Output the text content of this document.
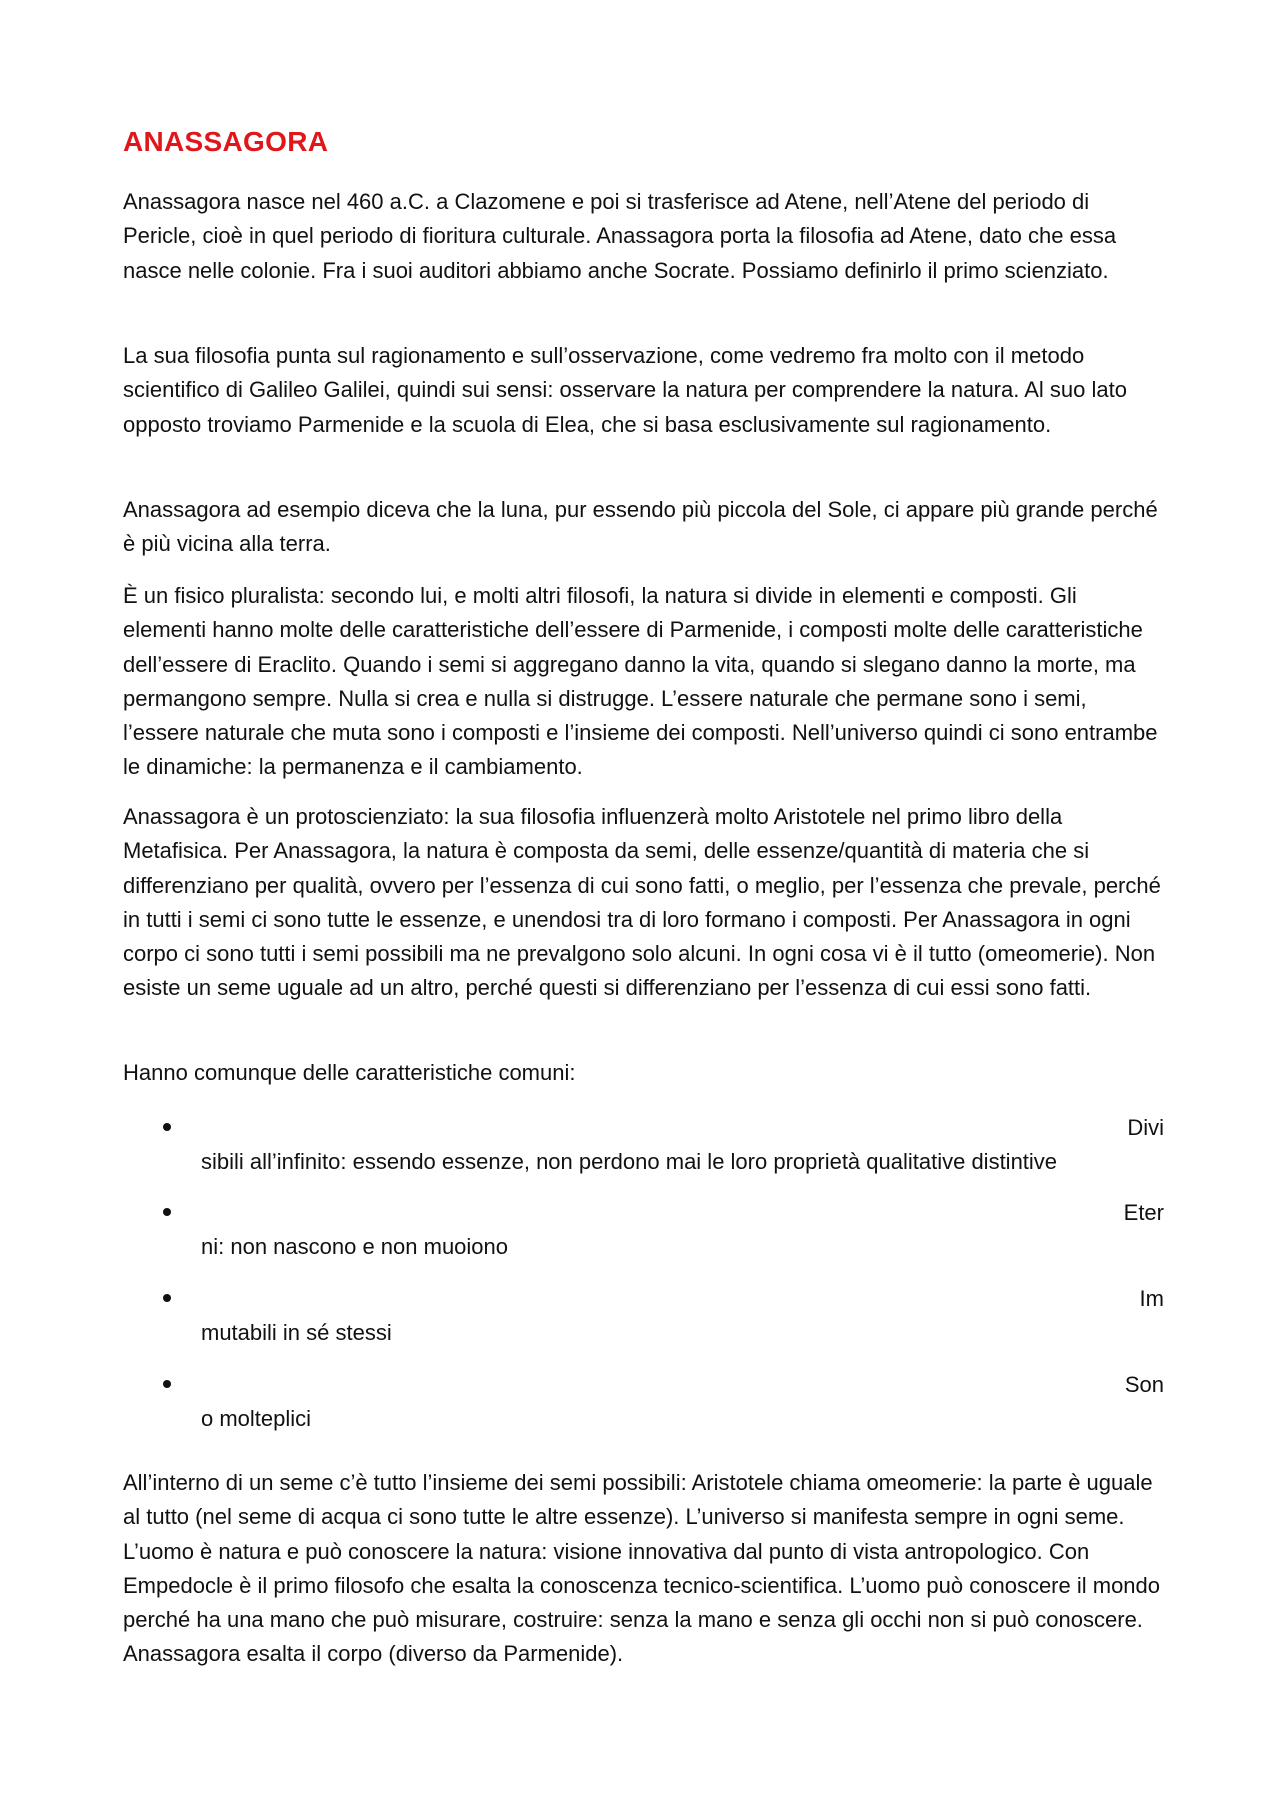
ANASSAGORA

Anassagora nasce nel 460 a.C. a Clazomene e poi si trasferisce ad Atene, nell’Atene del periodo di Pericle, cioè in quel periodo di fioritura culturale. Anassagora porta la filosofia ad Atene, dato che essa nasce nelle colonie. Fra i suoi auditori abbiamo anche Socrate. Possiamo definirlo il primo scienziato.

La sua filosofia punta sul ragionamento e sull’osservazione, come vedremo fra molto con il metodo scientifico di Galileo Galilei, quindi sui sensi: osservare la natura per comprendere la natura. Al suo lato opposto troviamo Parmenide e la scuola di Elea, che si basa esclusivamente sul ragionamento.

Anassagora ad esempio diceva che la luna, pur essendo più piccola del Sole, ci appare più grande perché è più vicina alla terra.

È un fisico pluralista: secondo lui, e molti altri filosofi, la natura si divide in elementi e composti. Gli elementi hanno molte delle caratteristiche dell’essere di Parmenide, i composti molte delle caratteristiche dell’essere di Eraclito. Quando i semi si aggregano danno la vita, quando si slegano danno la morte, ma permangono sempre. Nulla si crea e nulla si distrugge. L’essere naturale che permane sono i semi, l’essere naturale che muta sono i composti e l’insieme dei composti. Nell’universo quindi ci sono entrambe le dinamiche: la permanenza e il cambiamento.

Anassagora è un protoscienziato: la sua filosofia influenzerà molto Aristotele nel primo libro della Metafisica. Per Anassagora, la natura è composta da semi, delle essenze/quantità di materia che si differenziano per qualità, ovvero per l’essenza di cui sono fatti, o meglio, per l’essenza che prevale, perché in tutti i semi ci sono tutte le essenze, e unendosi tra di loro formano i composti. Per Anassagora in ogni corpo ci sono tutti i semi possibili ma ne prevalgono solo alcuni. In ogni cosa vi è il tutto (omeomerie). Non esiste un seme uguale ad un altro, perché questi si differenziano per l’essenza di cui essi sono fatti.

Hanno comunque delle caratteristiche comuni:

Divi
sibili all’infinito: essendo essenze, non perdono mai le loro proprietà qualitative distintive
Eter
ni: non nascono e non muoiono
Im
mutabili in sé stessi
Son
o molteplici

All’interno di un seme c’è tutto l’insieme dei semi possibili: Aristotele chiama omeomerie: la parte è uguale al tutto (nel seme di acqua ci sono tutte le altre essenze). L’universo si manifesta sempre in ogni seme. L’uomo è natura e può conoscere la natura: visione innovativa dal punto di vista antropologico. Con Empedocle è il primo filosofo che esalta la conoscenza tecnico-scientifica. L’uomo può conoscere il mondo perché ha una mano che può misurare, costruire: senza la mano e senza gli occhi non si può conoscere. Anassagora esalta il corpo (diverso da Parmenide).
